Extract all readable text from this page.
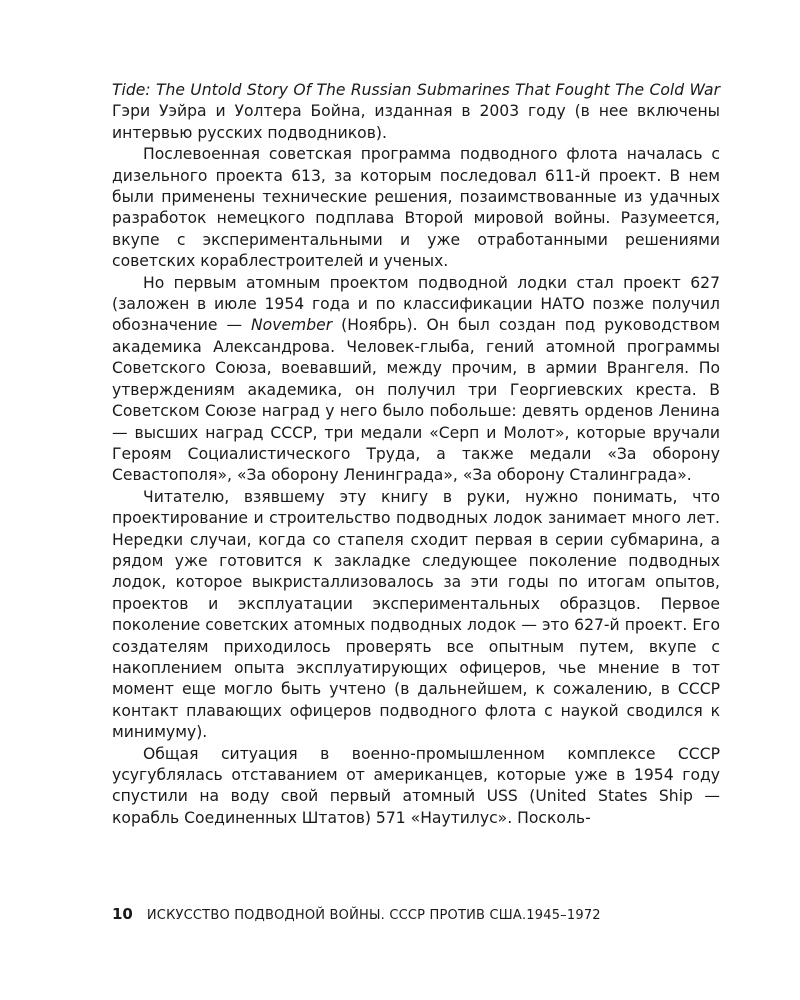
Tide: The Untold Story Of The Russian Submarines That Fought The Cold War Гэри Уэйра и Уолтера Бойна, изданная в 2003 году (в нее включены интервью русских подводников).

Послевоенная советская программа подводного флота началась с дизельного проекта 613, за которым последовал 611-й проект. В нем были применены технические решения, позаимствованные из удачных разработок немецкого подплава Второй мировой войны. Разумеется, вкупе с экспериментальными и уже отработанными решениями советских кораблестроителей и ученых.

Но первым атомным проектом подводной лодки стал проект 627 (заложен в июле 1954 года и по классификации НАТО позже получил обозначение — November (Ноябрь). Он был создан под руководством академика Александрова. Человек-глыба, гений атомной программы Советского Союза, воевавший, между прочим, в армии Врангеля. По утверждениям академика, он получил три Георгиевских креста. В Советском Союзе наград у него было побольше: девять орденов Ленина — высших наград СССР, три медали «Серп и Молот», которые вручали Героям Социалистического Труда, а также медали «За оборону Севастополя», «За оборону Ленинграда», «За оборону Сталинграда».

Читателю, взявшему эту книгу в руки, нужно понимать, что проектирование и строительство подводных лодок занимает много лет. Нередки случаи, когда со стапеля сходит первая в серии субмарина, а рядом уже готовится к закладке следующее поколение подводных лодок, которое выкристаллизовалось за эти годы по итогам опытов, проектов и эксплуатации экспериментальных образцов. Первое поколение советских атомных подводных лодок — это 627-й проект. Его создателям приходилось проверять все опытным путем, вкупе с накоплением опыта эксплуатирующих офицеров, чье мнение в тот момент еще могло быть учтено (в дальнейшем, к сожалению, в СССР контакт плавающих офицеров подводного флота с наукой сводился к минимуму).

Общая ситуация в военно-промышленном комплексе СССР усугублялась отставанием от американцев, которые уже в 1954 году спустили на воду свой первый атомный USS (United States Ship — корабль Соединенных Штатов) 571 «Наутилус». Посколь-

10 ИСКУССТВО ПОДВОДНОЙ ВОЙНЫ. СССР ПРОТИВ США.1945–1972
